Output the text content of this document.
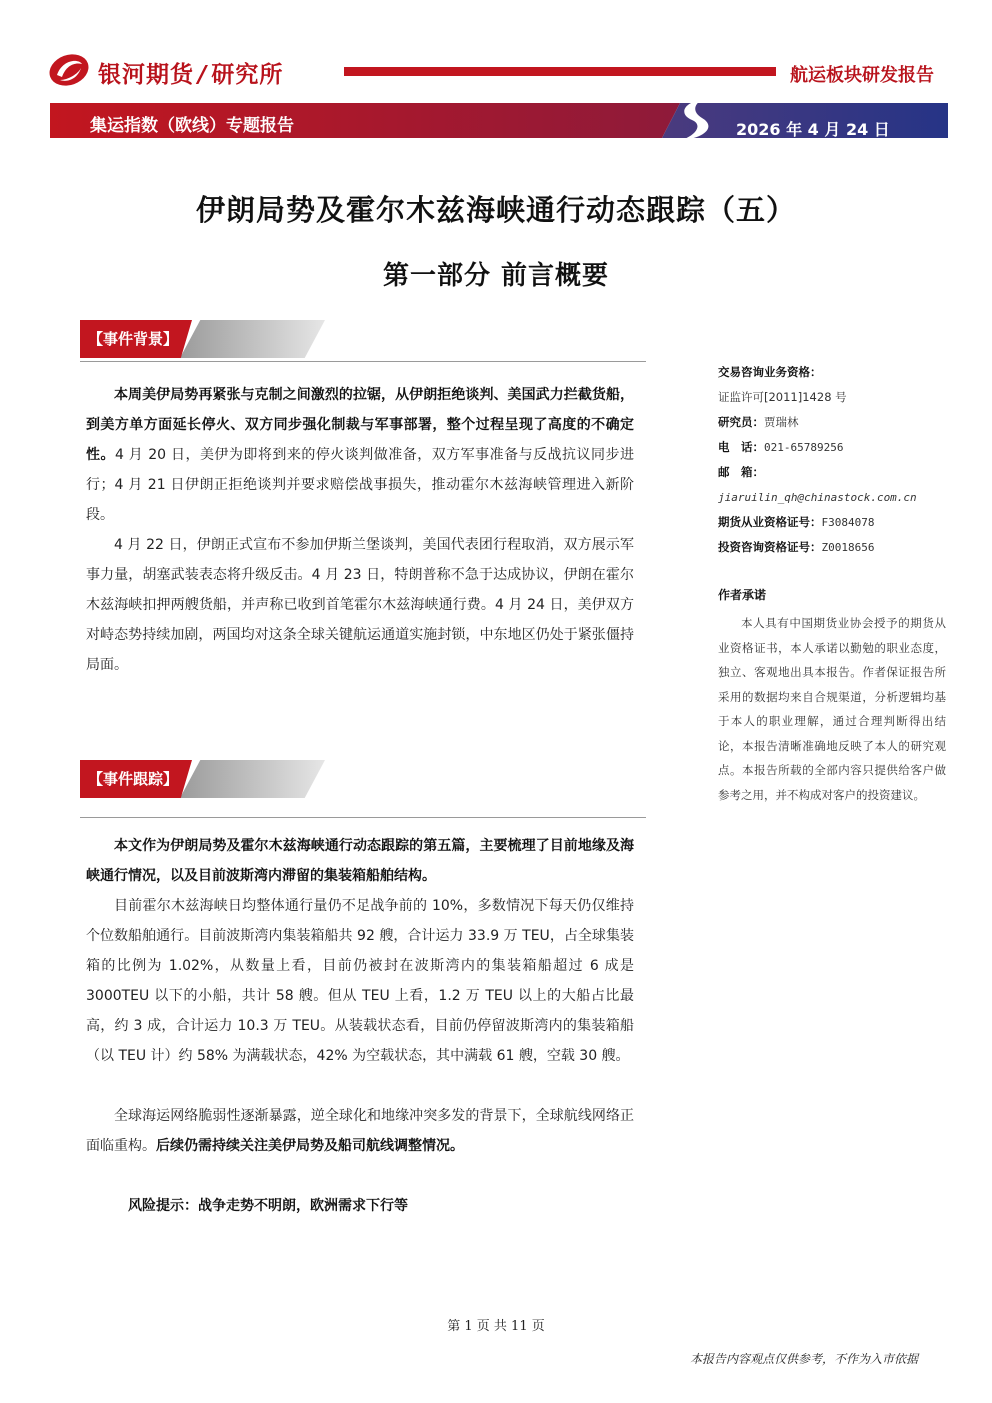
银河期货 / 研究所	航运板块研发报告
集运指数（欧线）专题报告	2026 年 4 月 24 日
伊朗局势及霍尔木兹海峡通行动态跟踪（五）
第一部分 前言概要
【事件背景】
本周美伊局势再紧张与克制之间激烈的拉锯，从伊朗拒绝谈判、美国武力拦截货船，到美方单方面延长停火、双方同步强化制裁与军事部署，整个过程呈现了高度的不确定性。4 月 20 日，美伊为即将到来的停火谈判做准备，双方军事准备与反战抗议同步进行；4 月 21 日伊朗正拒绝谈判并要求赔偿战事损失，推动霍尔木兹海峡管理进入新阶段。
4 月 22 日，伊朗正式宣布不参加伊斯兰堡谈判，美国代表团行程取消，双方展示军事力量，胡塞武装表态将升级反击。4 月 23 日，特朗普称不急于达成协议，伊朗在霍尔木兹海峡扣押两艘货船，并声称已收到首笔霍尔木兹海峡通行费。4 月 24 日，美伊双方对峙态势持续加剧，两国均对这条全球关键航运通道实施封锁，中东地区仍处于紧张僵持局面。
【事件跟踪】
本文作为伊朗局势及霍尔木兹海峡通行动态跟踪的第五篇，主要梳理了目前地缘及海峡通行情况，以及目前波斯湾内滞留的集装箱船舶结构。
目前霍尔木兹海峡日均整体通行量仍不足战争前的 10%，多数情况下每天仍仅维持个位数船舶通行。目前波斯湾内集装箱船共 92 艘，合计运力 33.9 万 TEU，占全球集装箱的比例为 1.02%，从数量上看，目前仍被封在波斯湾内的集装箱船超过 6 成是 3000TEU 以下的小船，共计 58 艘。但从 TEU 上看，1.2 万 TEU 以上的大船占比最高，约 3 成，合计运力 10.3 万 TEU。从装载状态看，目前仍停留波斯湾内的集装箱船（以 TEU 计）约 58% 为满载状态，42% 为空载状态，其中满载 61 艘，空载 30 艘。
全球海运网络脆弱性逐渐暴露，逆全球化和地缘冲突多发的背景下，全球航线网络正面临重构。后续仍需持续关注美伊局势及船司航线调整情况。
风险提示：战争走势不明朗，欧洲需求下行等
交易咨询业务资格：
证监许可[2011]1428 号
研究员：贾瑞林
电　话：021-65789256
邮　箱：
jiaruilin_qh@chinastock.com.cn
期货从业资格证号：F3084078
投资咨询资格证号：Z0018656
作者承诺
本人具有中国期货业协会授予的期货从业资格证书，本人承诺以勤勉的职业态度，独立、客观地出具本报告。作者保证报告所采用的数据均来自合规渠道，分析逻辑均基于本人的职业理解，通过合理判断得出结论，本报告清晰准确地反映了本人的研究观点。本报告所载的全部内容只提供给客户做参考之用，并不构成对客户的投资建议。
第 1 页 共 11 页
本报告内容观点仅供参考，不作为入市依据
